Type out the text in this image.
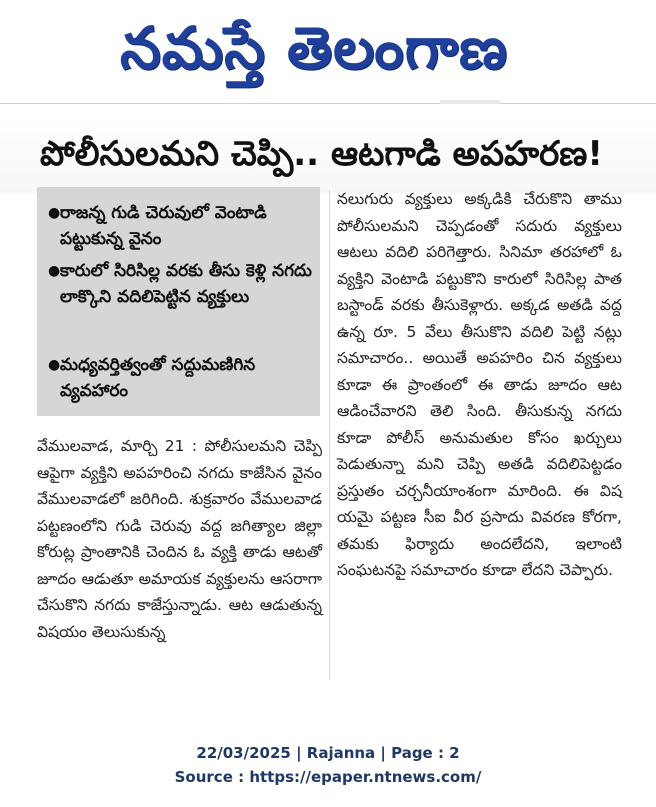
నమస్తే తెలంగాణ
పోలీసులమని చెప్పి.. ఆటగాడి అపహరణ!
● రాజన్న గుడి చెరువులో వెంటాడి పట్టుకున్న వైనం
● కారులో సిరిసిల్ల వరకు తీసు కెళ్లి నగదు లాక్కొని వదిలిపెట్టిన వ్యక్తులు
● మధ్యవర్తిత్వంతో సద్దుమణిగిన వ్యవహారం
వేములవాడ, మార్చి 21 : పోలీసులమని చెప్పి ఆపైగా వ్యక్తిని అపహరించి నగదు కాజేసిన వైనం వేములవాడలో జరిగింది. శుక్రవారం వేములవాడ పట్టణంలోని గుడి చెరువు వద్ద జగిత్యాల జిల్లా కోరుట్ల ప్రాంతానికి చెందిన ఓ వ్యక్తి తాడు ఆటతో జూదం ఆడుతూ అమాయక వ్యక్తులను ఆసరాగా చేసుకొని నగదు కాజేస్తున్నాడు. ఆట ఆడుతున్న విషయం తెలుసుకున్న
నలుగురు వ్యక్తులు అక్కడికి చేరుకొని తాము పోలీసులమని చెప్పడంతో సదురు వ్యక్తులు ఆటలు వదిలి పరిగెత్తారు. సినిమా తరహాలో ఓ వ్యక్తిని వెంటాడి పట్టుకొని కారులో సిరిసిల్ల పాత బస్టాండ్ వరకు తీసుకెళ్లారు. అక్కడ అతడి వద్ద ఉన్న రూ. 5 వేలు తీసుకొని వదిలి పెట్టి నట్లు సమాచారం.. అయితే అపహరిం చిన వ్యక్తులు కూడా ఈ ప్రాంతంలో ఈ తాడు జూదం ఆట ఆడించేవారని తెలి సింది. తీసుకున్న నగదు కూడా పోలీస్ అనుమతుల కోసం ఖర్చులు పెడుతున్నా మని చెప్పి అతడి వదిలిపెట్టడం ప్రస్తుతం చర్చనీయాంశంగా మారింది. ఈ విష యమై పట్టణ సీఐ వీర ప్రసాదు వివరణ కోరగా, తమకు ఫిర్యాదు అందలేదని, ఇలాంటి సంఘటనపై సమాచారం కూడా లేదని చెప్పారు.
22/03/2025 | Rajanna | Page : 2
Source : https://epaper.ntnews.com/
